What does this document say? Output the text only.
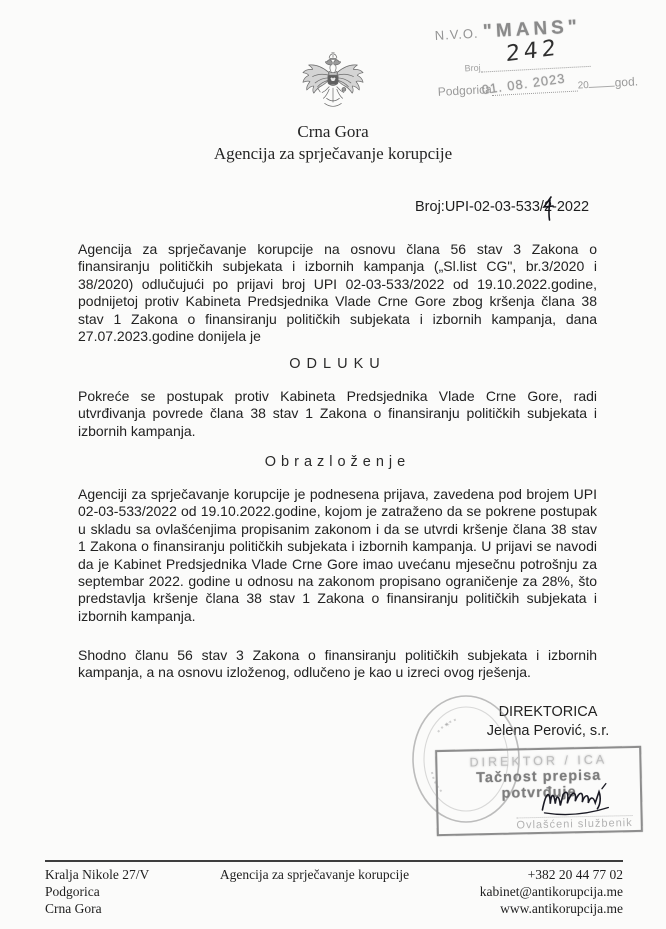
N.V.O. "MANS"
Broj
242
Podgorica
01. 08. 2023 20 god.
Crna Gora
Agencija za sprječavanje korupcije
Broj:UPI-02-03-533/2
-2022
Agencija za sprječavanje korupcije na osnovu člana 56 stav 3 Zakona o finansiranju političkih subjekata i izbornih kampanja („Sl.list CG", br.3/2020 i 38/2020) odlučujući po prijavi broj UPI 02-03-533/2022 od 19.10.2022.godine, podnijetoj protiv Kabineta Predsjednika Vlade Crne Gore zbog kršenja člana 38 stav 1 Zakona o finansiranju političkih subjekata i izbornih kampanja, dana 27.07.2023.godine donijela je
ODLUKU
Pokreće se postupak protiv Kabineta Predsjednika Vlade Crne Gore, radi utvrđivanja povrede člana 38 stav 1 Zakona o finansiranju političkih subjekata i izbornih kampanja.
Obrazloženje
Agenciji za sprječavanje korupcije je podnesena prijava, zavedena pod brojem UPI 02-03-533/2022 od 19.10.2022.godine, kojom je zatraženo da se pokrene postupak u skladu sa ovlašćenjima propisanim zakonom i da se utvrdi kršenje člana 38 stav 1 Zakona o finansiranju političkih subjekata i izbornih kampanja. U prijavi se navodi da je Kabinet Predsjednika Vlade Crne Gore imao uvećanu mjesečnu potrošnju za septembar 2022. godine u odnosu na zakonom propisano ograničenje za 28%, što predstavlja kršenje člana 38 stav 1 Zakona o finansiranju političkih subjekata i izbornih kampanja.
Shodno članu 56 stav 3 Zakona o finansiranju političkih subjekata i izbornih kampanja, a na osnovu izloženog, odlučeno je kao u izreci ovog rješenja.
DIREKTORICA
Jelena Perović, s.r.
✶
DIREKTOR / ICA
Tačnost prepisa potvrđuje
Ovlašćeni službenik
Kralja Nikole 27/V
Podgorica
Crna Gora
Agencija za sprječavanje korupcije	+382 20 44 77 02
kabinet@antikorupcija.me
www.antikorupcija.me
